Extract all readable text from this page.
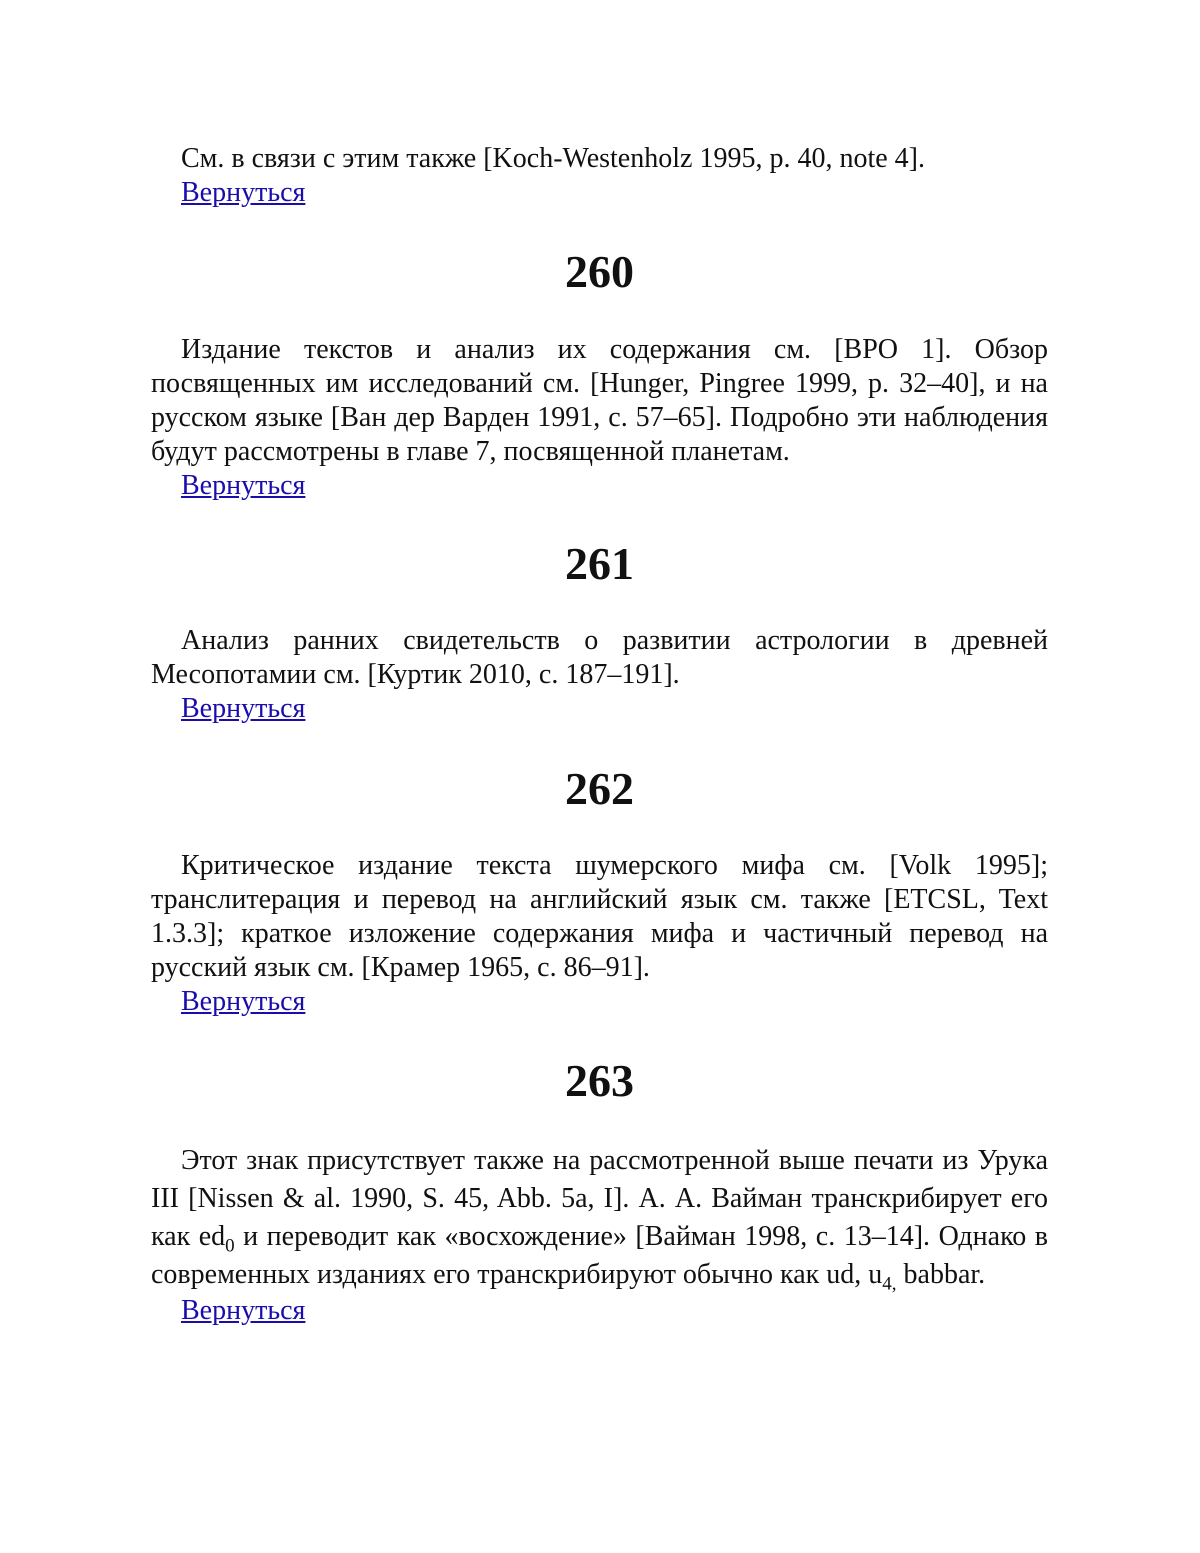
См. в связи с этим также [Koch-Westenholz 1995, p. 40, note 4].

Вернуться
260

Издание текстов и анализ их содержания см. [BPO 1]. Обзор посвященных им исследований см. [Hunger, Pingree 1999, p. 32–40], и на русском языке [Ван дер Варден 1991, с. 57–65]. Подробно эти наблюдения будут рассмотрены в главе 7, посвященной планетам.

Вернуться
261

Анализ ранних свидетельств о развитии астрологии в древней Месопотамии см. [Куртик 2010, с. 187–191].

Вернуться
262

Критическое издание текста шумерского мифа см. [Volk 1995]; транслитерация и перевод на английский язык см. также [ETCSL, Text 1.3.3]; краткое изложение содержания мифа и частичный перевод на русский язык см. [Крамер 1965, с. 86–91].

Вернуться
263

Этот знак присутствует также на рассмотренной выше печати из Урука III [Nissen & al. 1990, S. 45, Abb. 5a, I]. А. А. Вайман транскрибирует его как $ed_0$ и переводит как «восхождение» [Вайман 1998, с. 13–14]. Однако в современных изданиях его транскрибируют обычно как ud, $u_{4,}$ babbar.

Вернуться
